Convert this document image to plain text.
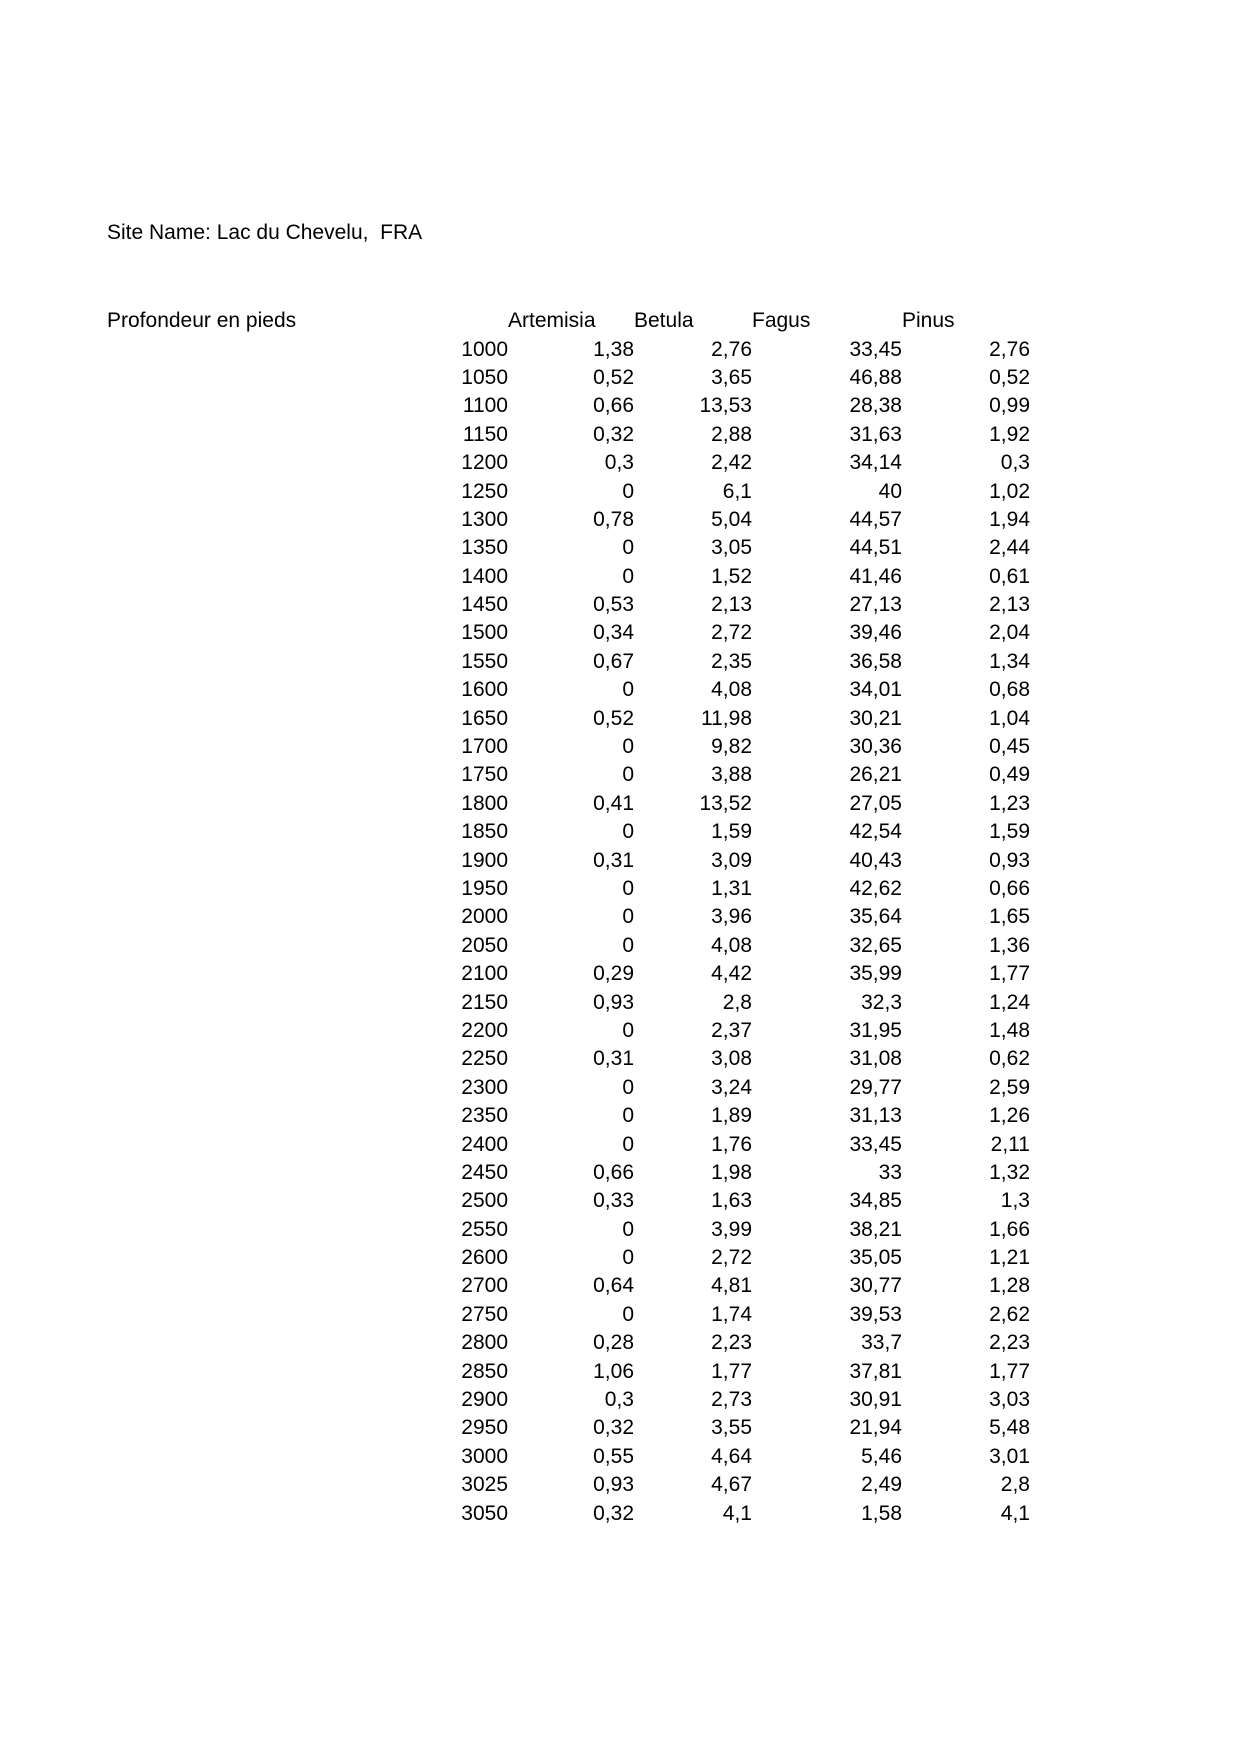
Site Name: Lac du Chevelu,  FRA
Profondeur en pieds		Artemisia	Betula	Fagus	Pinus
	1000	1,38	2,76	33,45	2,76
	1050	0,52	3,65	46,88	0,52
	1100	0,66	13,53	28,38	0,99
	1150	0,32	2,88	31,63	1,92
	1200	0,3	2,42	34,14	0,3
	1250	0	6,1	40	1,02
	1300	0,78	5,04	44,57	1,94
	1350	0	3,05	44,51	2,44
	1400	0	1,52	41,46	0,61
	1450	0,53	2,13	27,13	2,13
	1500	0,34	2,72	39,46	2,04
	1550	0,67	2,35	36,58	1,34
	1600	0	4,08	34,01	0,68
	1650	0,52	11,98	30,21	1,04
	1700	0	9,82	30,36	0,45
	1750	0	3,88	26,21	0,49
	1800	0,41	13,52	27,05	1,23
	1850	0	1,59	42,54	1,59
	1900	0,31	3,09	40,43	0,93
	1950	0	1,31	42,62	0,66
	2000	0	3,96	35,64	1,65
	2050	0	4,08	32,65	1,36
	2100	0,29	4,42	35,99	1,77
	2150	0,93	2,8	32,3	1,24
	2200	0	2,37	31,95	1,48
	2250	0,31	3,08	31,08	0,62
	2300	0	3,24	29,77	2,59
	2350	0	1,89	31,13	1,26
	2400	0	1,76	33,45	2,11
	2450	0,66	1,98	33	1,32
	2500	0,33	1,63	34,85	1,3
	2550	0	3,99	38,21	1,66
	2600	0	2,72	35,05	1,21
	2700	0,64	4,81	30,77	1,28
	2750	0	1,74	39,53	2,62
	2800	0,28	2,23	33,7	2,23
	2850	1,06	1,77	37,81	1,77
	2900	0,3	2,73	30,91	3,03
	2950	0,32	3,55	21,94	5,48
	3000	0,55	4,64	5,46	3,01
	3025	0,93	4,67	2,49	2,8
	3050	0,32	4,1	1,58	4,1
